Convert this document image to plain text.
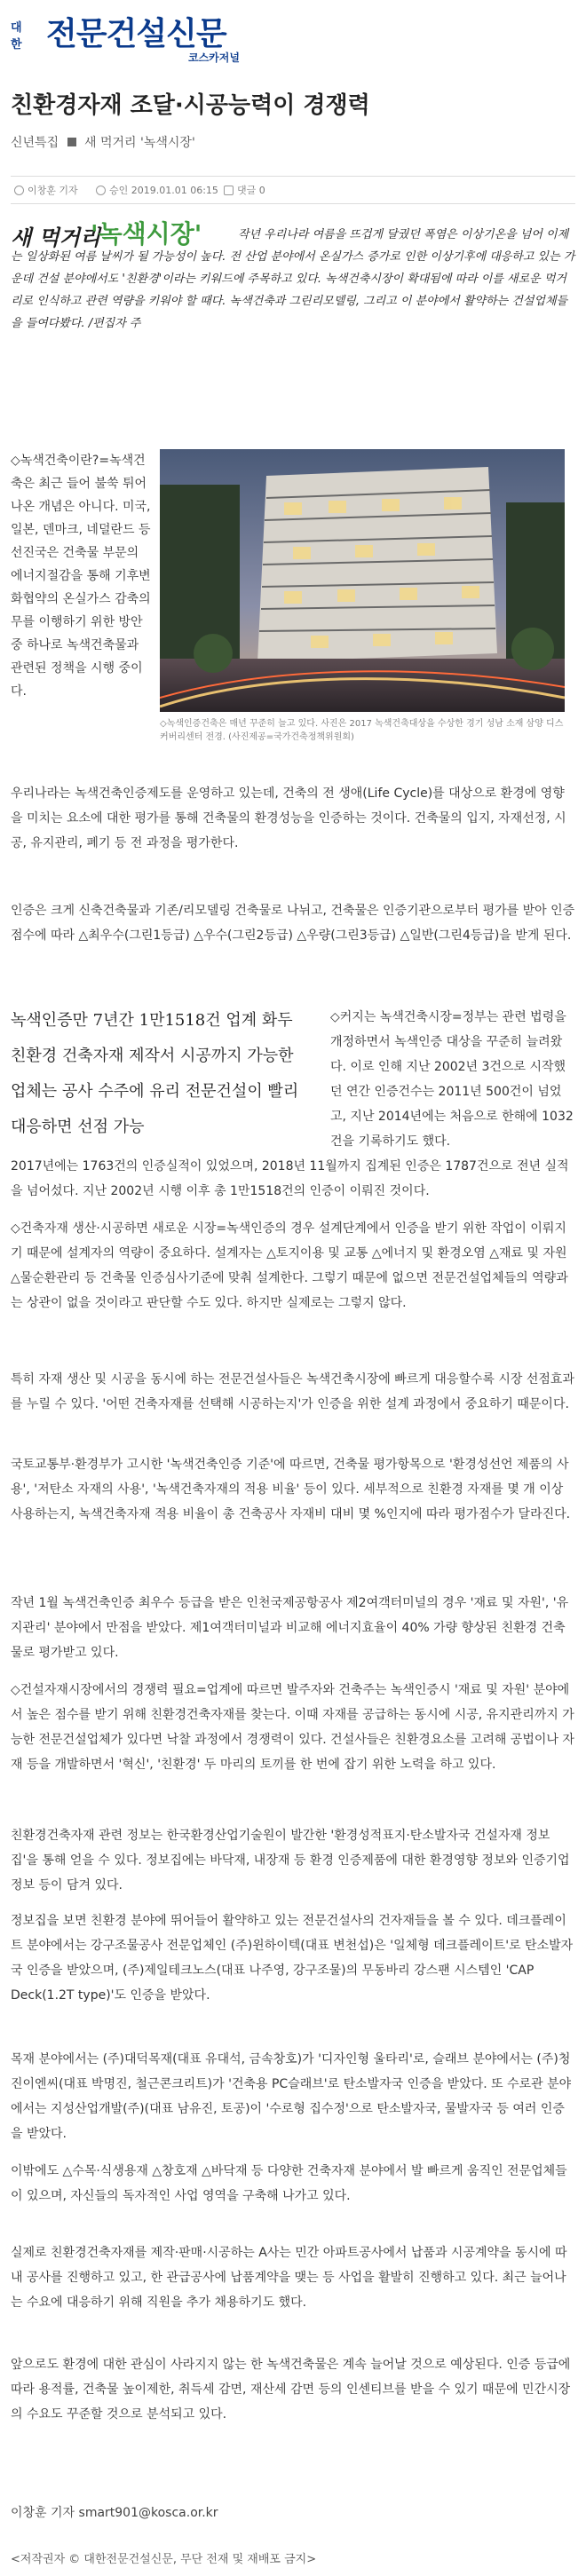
대한 전문건설신문
코스카저널
친환경자재 조달·시공능력이 경쟁력
신년특집 새 먹거리 '녹색시장'
이창훈 기자	승인 2019.01.01 06:15	댓글 0
새 먹거리
'녹색시장'	작년 우리나라 여름을 뜨겁게 달궜던 폭염은 이상기온을 넘어 이제는 일상화된 여름 날씨가 될 가능성이 높다. 전 산업 분야에서 온실가스 증가로 인한 이상기후에 대응하고 있는 가운데 건설 분야에서도 '친환경'이라는 키워드에 주목하고 있다. 녹색건축시장이 확대됨에 따라 이를 새로운 먹거리로 인식하고 관련 역량을 키워야 할 때다. 녹색건축과 그린리모델링, 그리고 이 분야에서 활약하는 건설업체들을 들여다봤다. /편집자 주
◇녹색인증건축은 매년 꾸준히 늘고 있다. 사진은 2017 녹색건축대상을 수상한 경기 성남 소재 삼양 디스커버리센터 전경. (사진제공=국가건축정책위원회)
◇녹색건축이란?=녹색건축은 최근 들어 불쑥 튀어나온 개념은 아니다. 미국, 일본, 덴마크, 네덜란드 등 선진국은 건축물 부문의 에너지절감을 통해 기후변화협약의 온실가스 감축의무를 이행하기 위한 방안 중 하나로 녹색건축물과 관련된 정책을 시행 중이다.
우리나라는 녹색건축인증제도를 운영하고 있는데, 건축의 전 생애(Life Cycle)를 대상으로 환경에 영향을 미치는 요소에 대한 평가를 통해 건축물의 환경성능을 인증하는 것이다. 건축물의 입지, 자재선정, 시공, 유지관리, 폐기 등 전 과정을 평가한다.
인증은 크게 신축건축물과 기존/리모델링 건축물로 나뉘고, 건축물은 인증기관으로부터 평가를 받아 인증점수에 따라 △최우수(그린1등급) △우수(그린2등급) △우량(그린3등급) △일반(그린4등급)을 받게 된다.
녹색인증만 7년간 1만1518건 업계 화두 친환경 건축자재 제작서 시공까지 가능한 업체는 공사 수주에 유리 전문건설이 빨리 대응하면 선점 가능
◇커지는 녹색건축시장=정부는 관련 법령을 개정하면서 녹색인증 대상을 꾸준히 늘려왔다. 이로 인해 지난 2002년 3건으로 시작했던 연간 인증건수는 2011년 500건이 넘었고, 지난 2014년에는 처음으로 한해에 1032건을 기록하기도 했다.
2017년에는 1763건의 인증실적이 있었으며, 2018년 11월까지 집계된 인증은 1787건으로 전년 실적을 넘어섰다. 지난 2002년 시행 이후 총 1만1518건의 인증이 이뤄진 것이다.
◇건축자재 생산·시공하면 새로운 시장=녹색인증의 경우 설계단계에서 인증을 받기 위한 작업이 이뤄지기 때문에 설계자의 역량이 중요하다. 설계자는 △토지이용 및 교통 △에너지 및 환경오염 △재료 및 자원 △물순환관리 등 건축물 인증심사기준에 맞춰 설계한다. 그렇기 때문에 없으면 전문건설업체들의 역량과는 상관이 없을 것이라고 판단할 수도 있다. 하지만 실제로는 그렇지 않다.
특히 자재 생산 및 시공을 동시에 하는 전문건설사들은 녹색건축시장에 빠르게 대응할수록 시장 선점효과를 누릴 수 있다. '어떤 건축자재를 선택해 시공하는지'가 인증을 위한 설계 과정에서 중요하기 때문이다.
국토교통부·환경부가 고시한 '녹색건축인증 기준'에 따르면, 건축물 평가항목으로 '환경성선언 제품의 사용', '저탄소 자재의 사용', '녹색건축자재의 적용 비율' 등이 있다. 세부적으로 친환경 자재를 몇 개 이상 사용하는지, 녹색건축자재 적용 비율이 총 건축공사 자재비 대비 몇 %인지에 따라 평가점수가 달라진다.
작년 1월 녹색건축인증 최우수 등급을 받은 인천국제공항공사 제2여객터미널의 경우 '재료 및 자원', '유지관리' 분야에서 만점을 받았다. 제1여객터미널과 비교해 에너지효율이 40% 가량 향상된 친환경 건축물로 평가받고 있다.
◇건설자재시장에서의 경쟁력 필요=업계에 따르면 발주자와 건축주는 녹색인증시 '재료 및 자원' 분야에서 높은 점수를 받기 위해 친환경건축자재를 찾는다. 이때 자재를 공급하는 동시에 시공, 유지관리까지 가능한 전문건설업체가 있다면 낙찰 과정에서 경쟁력이 있다. 건설사들은 친환경요소를 고려해 공법이나 자재 등을 개발하면서 '혁신', '친환경' 두 마리의 토끼를 한 번에 잡기 위한 노력을 하고 있다.
친환경건축자재 관련 정보는 한국환경산업기술원이 발간한 '환경성적표지·탄소발자국 건설자재 정보집'을 통해 얻을 수 있다. 정보집에는 바닥재, 내장재 등 환경 인증제품에 대한 환경영향 정보와 인증기업 정보 등이 담겨 있다.
정보집을 보면 친환경 분야에 뛰어들어 활약하고 있는 전문건설사의 건자재들을 볼 수 있다. 데크플레이트 분야에서는 강구조물공사 전문업체인 (주)윈하이텍(대표 변천섭)은 '일체형 데크플레이트'로 탄소발자국 인증을 받았으며, (주)제일테크노스(대표 나주영, 강구조물)의 무동바리 강스팬 시스템인 'CAP Deck(1.2T type)'도 인증을 받았다.
목재 분야에서는 (주)대덕목재(대표 유대석, 금속창호)가 '디자인형 울타리'로, 슬래브 분야에서는 (주)청진이엔씨(대표 박명진, 철근콘크리트)가 '건축용 PC슬래브'로 탄소발자국 인증을 받았다. 또 수로관 분야에서는 지성산업개발(주)(대표 남유진, 토공)이 '수로형 집수정'으로 탄소발자국, 물발자국 등 여러 인증을 받았다.
이밖에도 △수목·식생용재 △창호재 △바닥재 등 다양한 건축자재 분야에서 발 빠르게 움직인 전문업체들이 있으며, 자신들의 독자적인 사업 영역을 구축해 나가고 있다.
실제로 친환경건축자재를 제작·판매·시공하는 A사는 민간 아파트공사에서 납품과 시공계약을 동시에 따내 공사를 진행하고 있고, 한 관급공사에 납품계약을 맺는 등 사업을 활발히 진행하고 있다. 최근 늘어나는 수요에 대응하기 위해 직원을 추가 채용하기도 했다.
앞으로도 환경에 대한 관심이 사라지지 않는 한 녹색건축물은 계속 늘어날 것으로 예상된다. 인증 등급에 따라 용적률, 건축물 높이제한, 취득세 감면, 재산세 감면 등의 인센티브를 받을 수 있기 때문에 민간시장의 수요도 꾸준할 것으로 분석되고 있다.
이창훈 기자 smart901@kosca.or.kr
<저작권자 © 대한전문건설신문, 무단 전재 및 재배포 금지>
